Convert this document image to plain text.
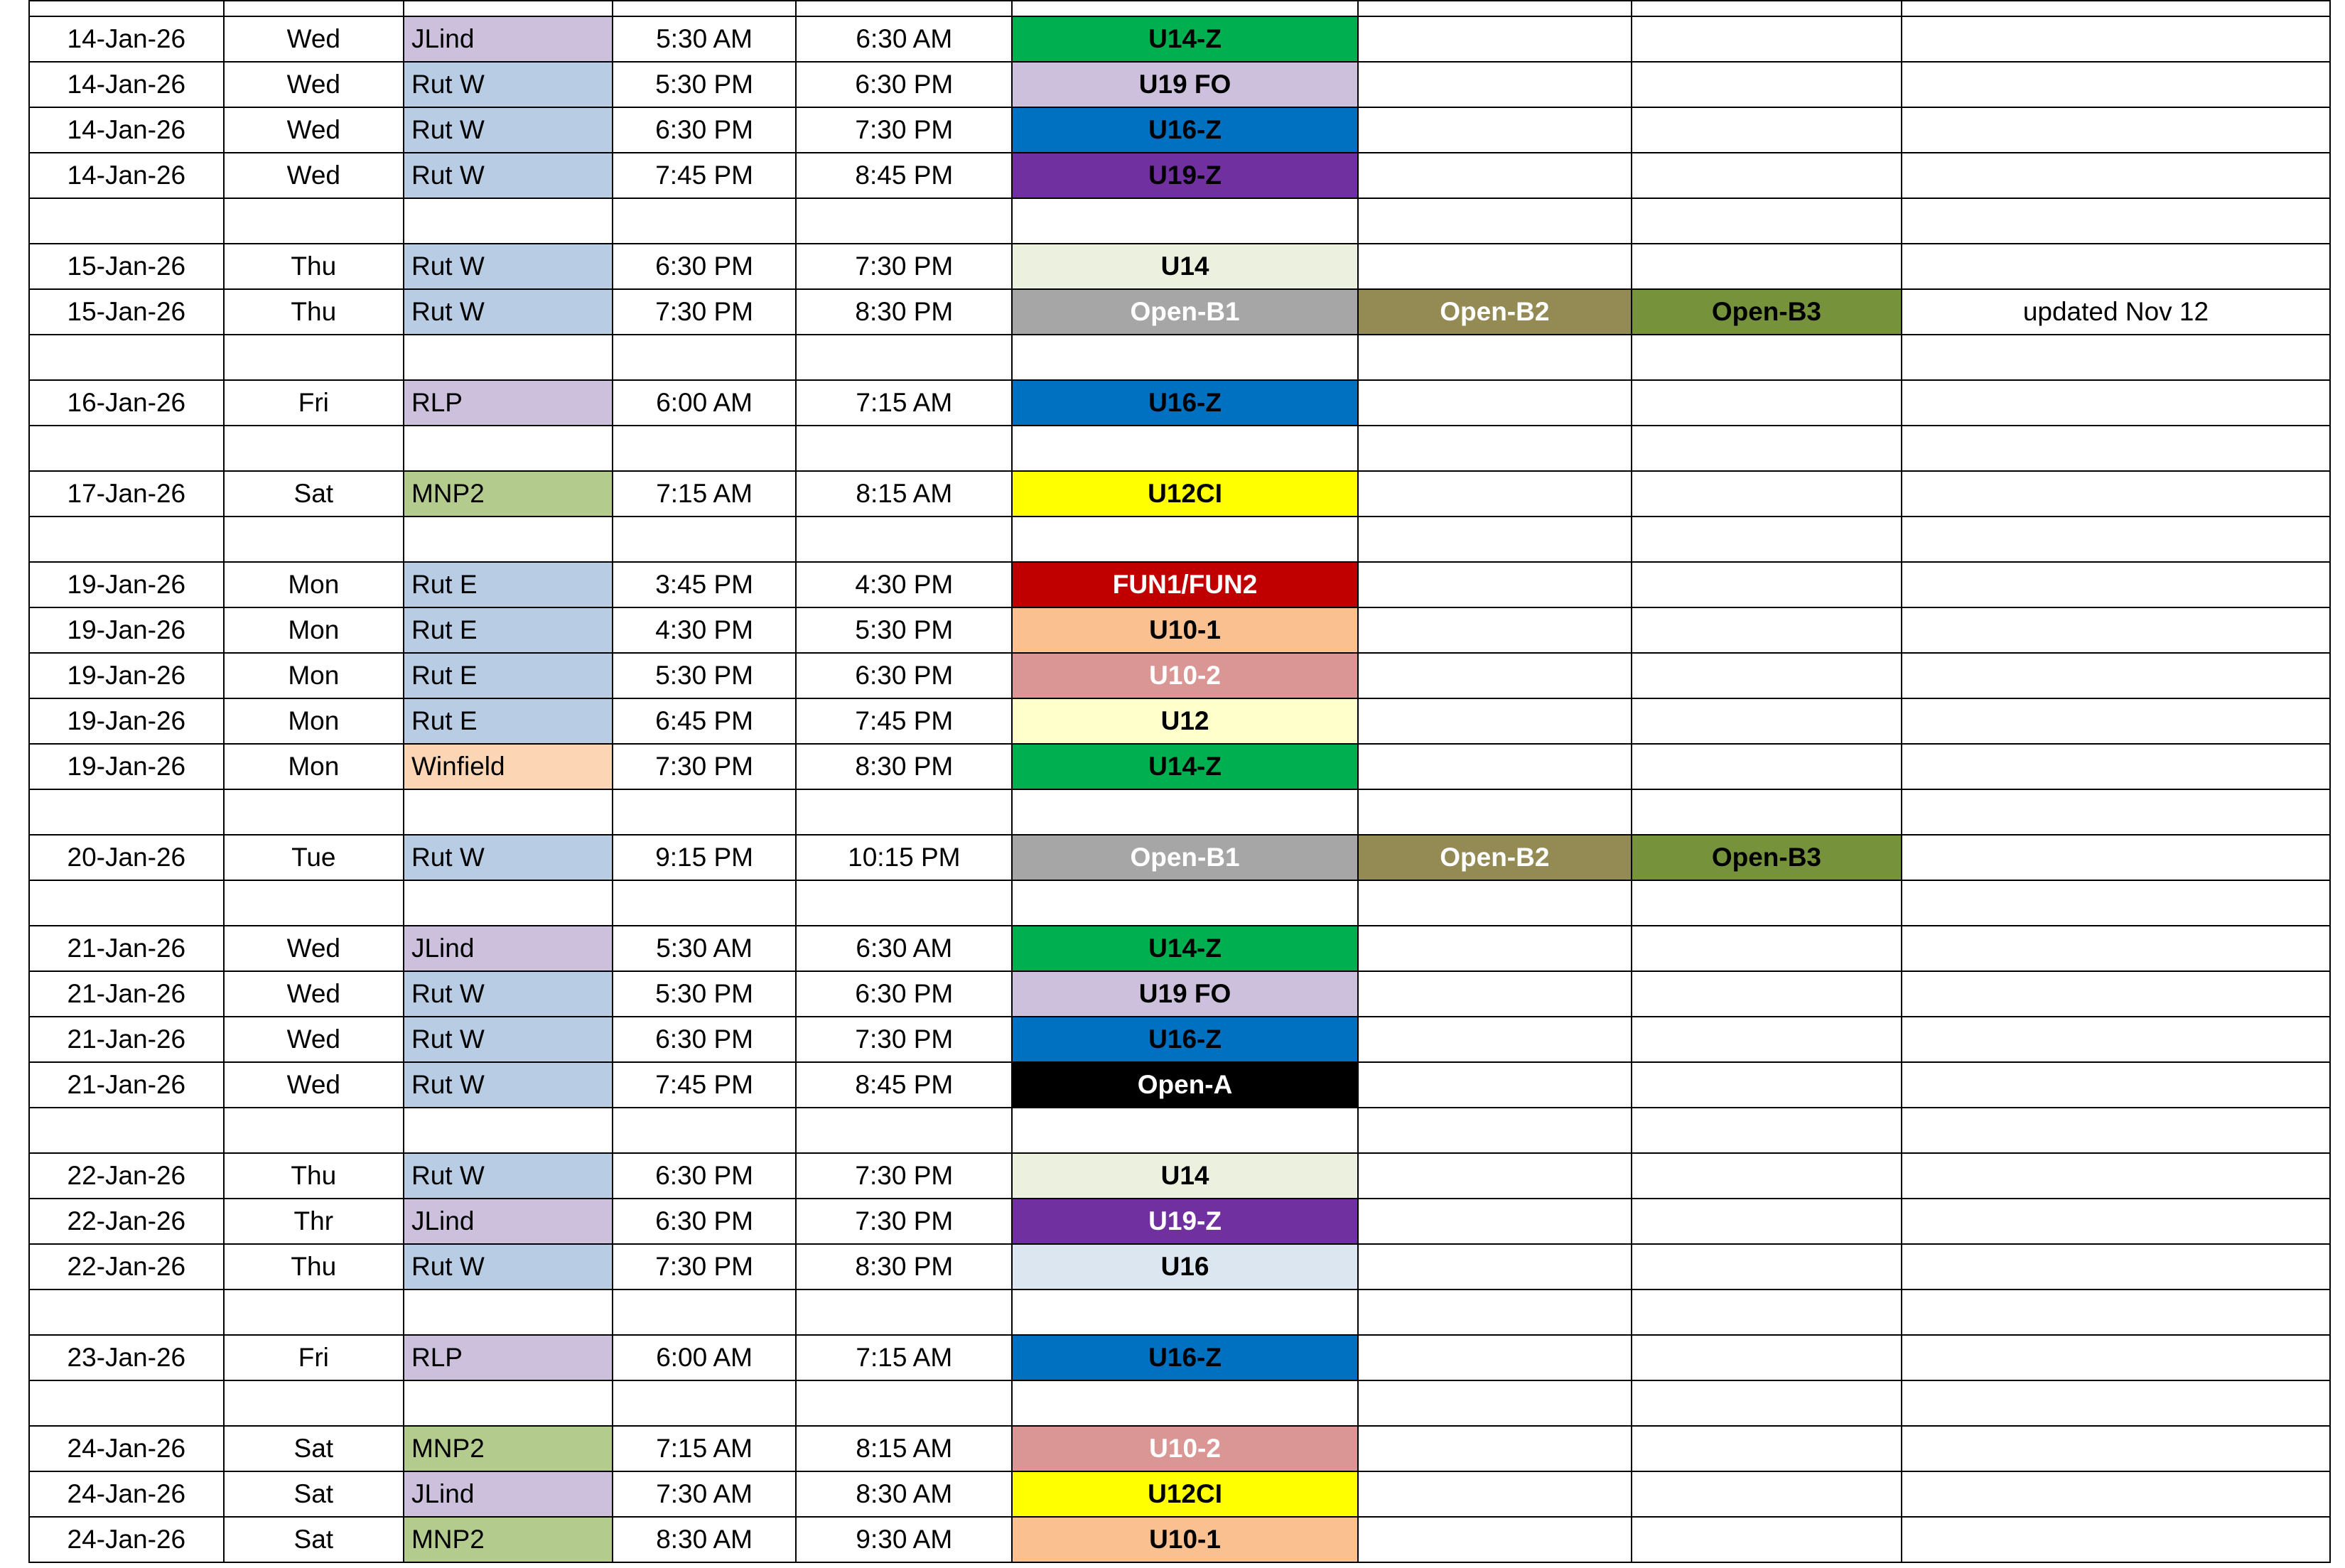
14-Jan-26	Wed	JLind	5:30 AM	6:30 AM	U14-Z			
14-Jan-26	Wed	Rut W	5:30 PM	6:30 PM	U19 FO			
14-Jan-26	Wed	Rut W	6:30 PM	7:30 PM	U16-Z			
14-Jan-26	Wed	Rut W	7:45 PM	8:45 PM	U19-Z			

15-Jan-26	Thu	Rut W	6:30 PM	7:30 PM	U14			
15-Jan-26	Thu	Rut W	7:30 PM	8:30 PM	Open-B1	Open-B2	Open-B3	updated Nov 12

16-Jan-26	Fri	RLP	6:00 AM	7:15 AM	U16-Z			

17-Jan-26	Sat	MNP2	7:15 AM	8:15 AM	U12CI			

19-Jan-26	Mon	Rut E	3:45 PM	4:30 PM	FUN1/FUN2			
19-Jan-26	Mon	Rut E	4:30 PM	5:30 PM	U10-1			
19-Jan-26	Mon	Rut E	5:30 PM	6:30 PM	U10-2			
19-Jan-26	Mon	Rut E	6:45 PM	7:45 PM	U12			
19-Jan-26	Mon	Winfield	7:30 PM	8:30 PM	U14-Z			

20-Jan-26	Tue	Rut W	9:15 PM	10:15 PM	Open-B1	Open-B2	Open-B3	

21-Jan-26	Wed	JLind	5:30 AM	6:30 AM	U14-Z			
21-Jan-26	Wed	Rut W	5:30 PM	6:30 PM	U19 FO			
21-Jan-26	Wed	Rut W	6:30 PM	7:30 PM	U16-Z			
21-Jan-26	Wed	Rut W	7:45 PM	8:45 PM	Open-A			

22-Jan-26	Thu	Rut W	6:30 PM	7:30 PM	U14			
22-Jan-26	Thr	JLind	6:30 PM	7:30 PM	U19-Z			
22-Jan-26	Thu	Rut W	7:30 PM	8:30 PM	U16			

23-Jan-26	Fri	RLP	6:00 AM	7:15 AM	U16-Z			

24-Jan-26	Sat	MNP2	7:15 AM	8:15 AM	U10-2			
24-Jan-26	Sat	JLind	7:30 AM	8:30 AM	U12CI			
24-Jan-26	Sat	MNP2	8:30 AM	9:30 AM	U10-1			
